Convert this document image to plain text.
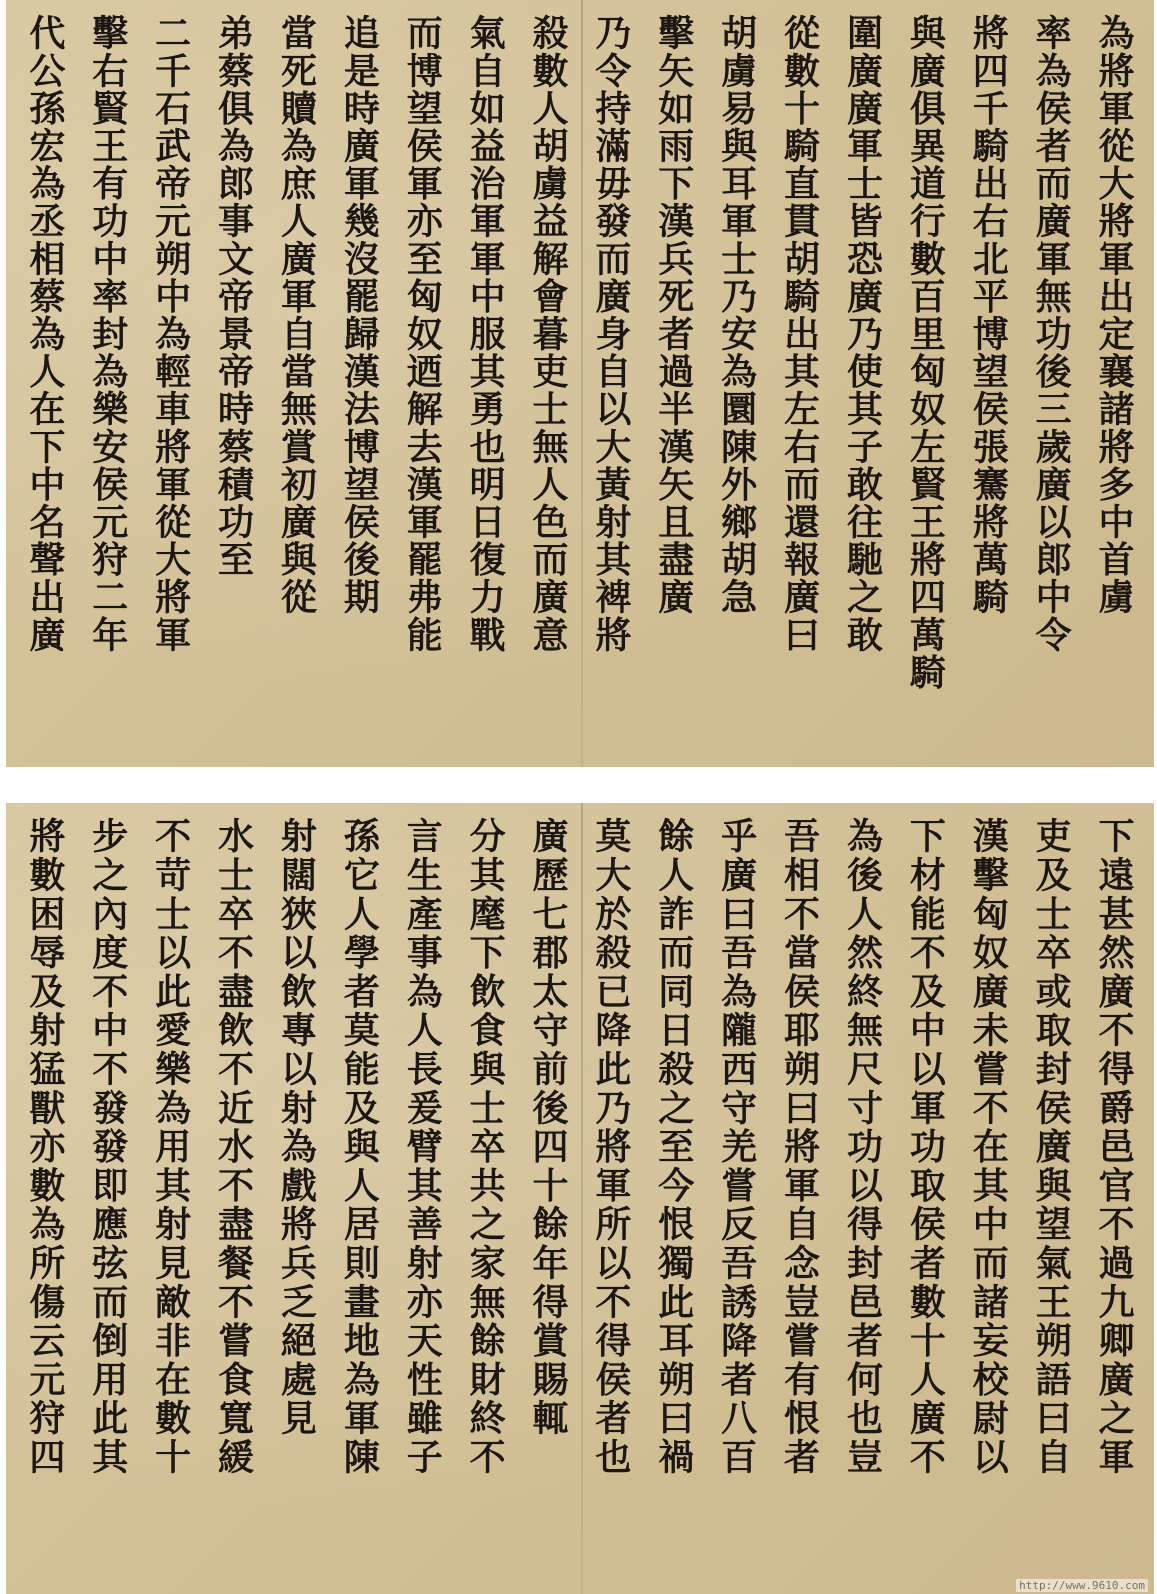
為將軍從大將軍出定襄諸將多中首虜
率為侯者而廣軍無功後三歲廣以郎中令
將四千騎出右北平博望侯張騫將萬騎
與廣俱異道行數百里匈奴左賢王將四萬騎
圍廣廣軍士皆恐廣乃使其子敢往馳之敢
從數十騎直貫胡騎出其左右而還報廣曰
胡虜易與耳軍士乃安為圜陳外鄉胡急
擊矢如雨下漢兵死者過半漢矢且盡廣
乃令持滿毋發而廣身自以大黃射其裨將
殺數人胡虜益解會暮吏士無人色而廣意
氣自如益治軍軍中服其勇也明日復力戰
而博望侯軍亦至匈奴迺解去漢軍罷弗能
追是時廣軍幾沒罷歸漢法博望侯後期
當死贖為庶人廣軍自當無賞初廣與從
弟蔡俱為郎事文帝景帝時蔡積功至
二千石武帝元朔中為輕車將軍從大將軍
擊右賢王有功中率封為樂安侯元狩二年
代公孫宏為丞相蔡為人在下中名聲出廣
下遠甚然廣不得爵邑官不過九卿廣之軍
吏及士卒或取封侯廣與望氣王朔語曰自
漢擊匈奴廣未嘗不在其中而諸妄校尉以
下材能不及中以軍功取侯者數十人廣不
為後人然終無尺寸功以得封邑者何也豈
吾相不當侯耶朔曰將軍自念豈嘗有恨者
乎廣曰吾為隴西守羌嘗反吾誘降者八百
餘人詐而同日殺之至今恨獨此耳朔曰禍
莫大於殺已降此乃將軍所以不得侯者也
廣歷七郡太守前後四十餘年得賞賜輒
分其麾下飲食與士卒共之家無餘財終不
言生產事為人長爰臂其善射亦天性雖子
孫它人學者莫能及與人居則畫地為軍陳
射闊狹以飲專以射為戲將兵乏絕處見
水士卒不盡飲不近水不盡餐不嘗食寬緩
不苛士以此愛樂為用其射見敵非在數十
步之內度不中不發發即應弦而倒用此其
將數困辱及射猛獸亦數為所傷云元狩四
http://www.9610.com
